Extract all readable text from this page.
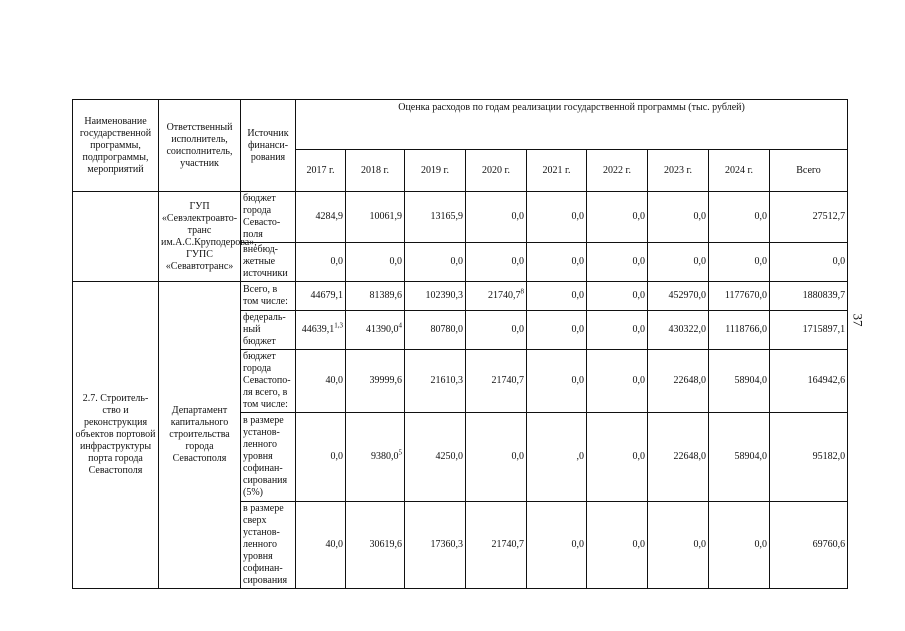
37
Наименование государственной программы, подпрограммы, мероприятий	Ответственный исполнитель, соисполнитель, участник	Источник финанси-рования	Оценка расходов по годам реализации государственной программы (тыс. рублей)								
			2017 г.	2018 г.	2019 г.	2020 г.	2021 г.	2022 г.	2023 г.	2024 г.	Всего
	ГУП «Севэлектроавто-транс им.А.С.Круподерова», ГУПС «Севавтотранс»	бюджет города Севасто-поля	4284,9	10061,9	13165,9	0,0	0,0	0,0	0,0	0,0	27512,7
		внебюд-жетные источники	0,0	0,0	0,0	0,0	0,0	0,0	0,0	0,0	0,0
2.7. Строитель-ство и реконструкция объектов портовой инфраструктуры порта города Севастополя	Департамент капитального строительства города Севастополя	Всего, в том числе:	44679,1	81389,6	102390,3	21740,7$^8$	0,0	0,0	452970,0	1177670,0	1880839,7
		федераль-ный бюджет	44639,1$^{1,3}$	41390,0$^4$	80780,0	0,0	0,0	0,0	430322,0	1118766,0	1715897,1
		бюджет города Севастопо-ля всего, в том числе:	40,0	39999,6	21610,3	21740,7	0,0	0,0	22648,0	58904,0	164942,6
		в размере установ-ленного уровня софинан-сирования (5%)	0,0	9380,0$^5$	4250,0	0,0	,0	0,0	22648,0	58904,0	95182,0
		в размере сверх установ-ленного уровня софинан-сирования	40,0	30619,6	17360,3	21740,7	0,0	0,0	0,0	0,0	69760,6
